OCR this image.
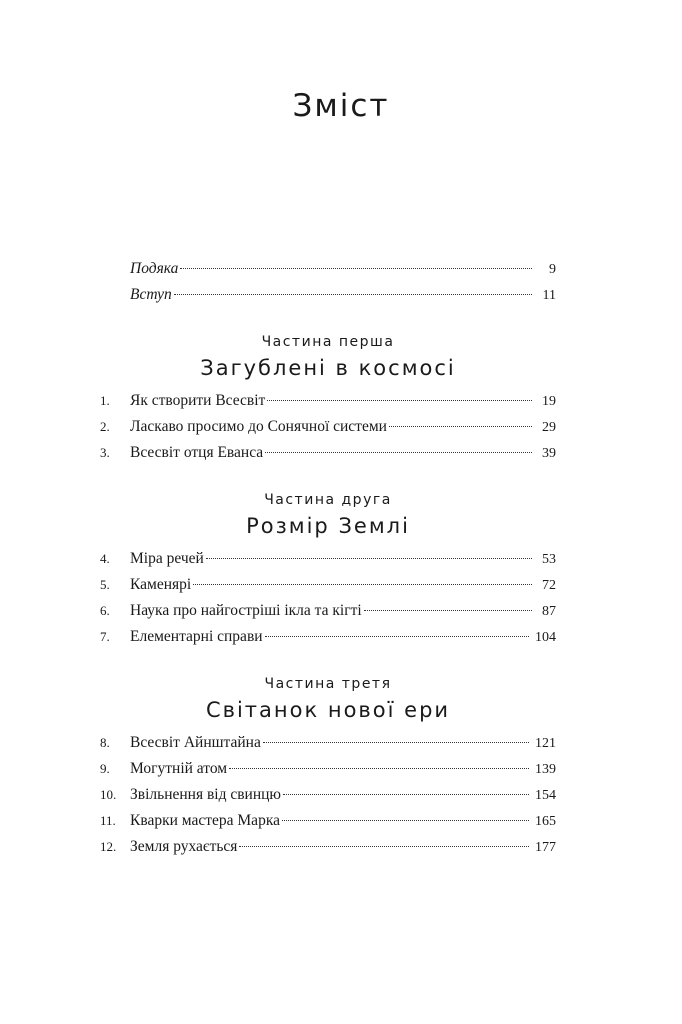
Зміст
Подяка	9
Вступ	11
Частина перша
Загублені в космосі
1.	Як створити Всесвіт	19
2.	Ласкаво просимо до Сонячної системи	29
3.	Всесвіт отця Еванса	39
Частина друга
Розмір Землі
4.	Міра речей	53
5.	Каменярі	72
6.	Наука про найгостріші ікла та кігті	87
7.	Елементарні справи	104
Частина третя
Світанок нової ери
8.	Всесвіт Айнштайна	121
9.	Могутній атом	139
10. Звільнення від свинцю	154
11. Кварки мастера Марка	165
12. Земля рухається	177
